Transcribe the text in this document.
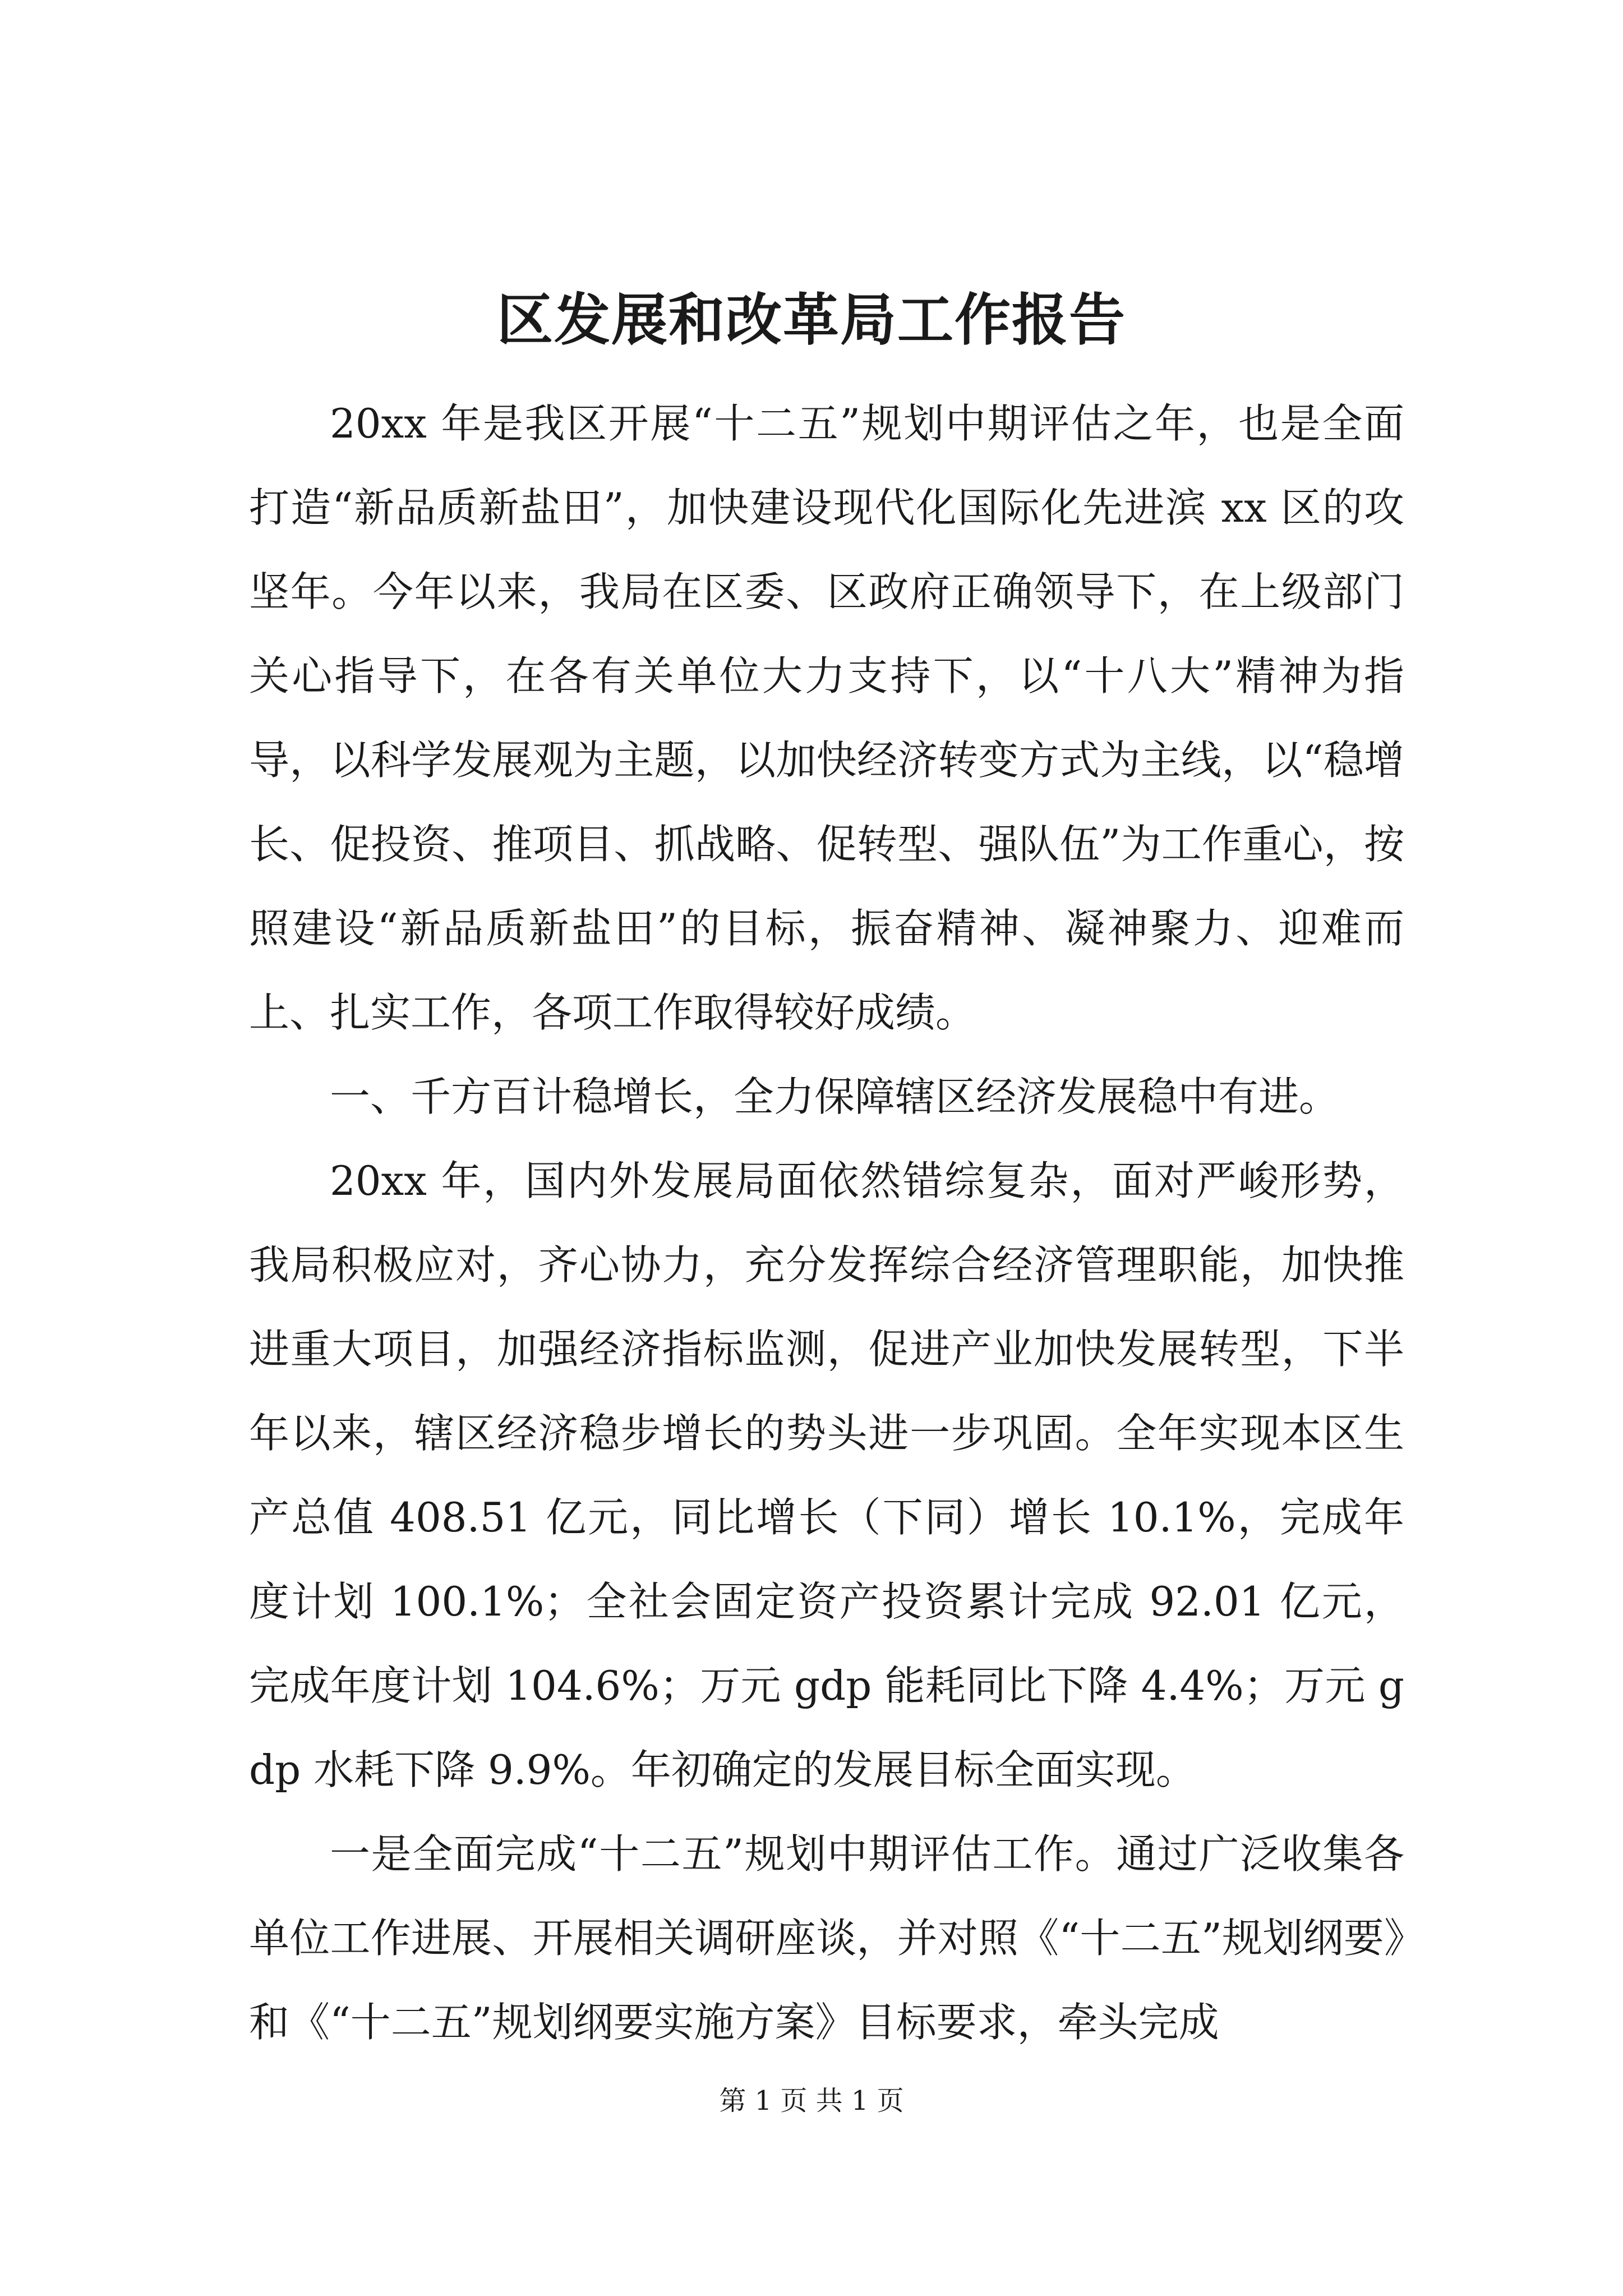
区发展和改革局工作报告

20xx 年是我区开展“十二五”规划中期评估之年，也是全面打造“新品质新盐田”，加快建设现代化国际化先进滨 xx 区的攻坚年。今年以来，我局在区委、区政府正确领导下，在上级部门关心指导下，在各有关单位大力支持下，以“十八大”精神为指导，以科学发展观为主题，以加快经济转变方式为主线，以“稳增长、促投资、推项目、抓战略、促转型、强队伍”为工作重心，按照建设“新品质新盐田”的目标，振奋精神、凝神聚力、迎难而上、扎实工作，各项工作取得较好成绩。

一、千方百计稳增长，全力保障辖区经济发展稳中有进。

20xx 年，国内外发展局面依然错综复杂，面对严峻形势，我局积极应对，齐心协力，充分发挥综合经济管理职能，加快推进重大项目，加强经济指标监测，促进产业加快发展转型，下半年以来，辖区经济稳步增长的势头进一步巩固。全年实现本区生产总值 408.51 亿元，同比增长（下同）增长 10.1%，完成年度计划 100.1%；全社会固定资产投资累计完成 92.01 亿元，完成年度计划 104.6%；万元 gdp 能耗同比下降 4.4%；万元 gdp 水耗下降 9.9%。年初确定的发展目标全面实现。

一是全面完成“十二五”规划中期评估工作。通过广泛收集各单位工作进展、开展相关调研座谈，并对照《“十二五”规划纲要》和《“十二五”规划纲要实施方案》目标要求，牵头完成

第 1 页 共 1 页
